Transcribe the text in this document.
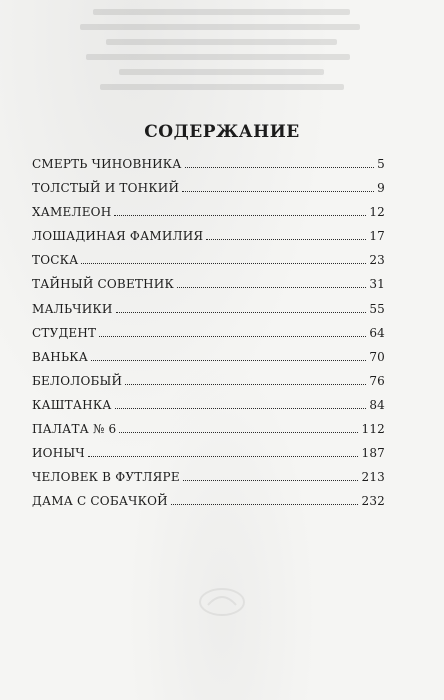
СОДЕРЖАНИЕ
СМЕРТЬ ЧИНОВНИКА	5
ТОЛСТЫЙ И ТОНКИЙ	9
ХАМЕЛЕОН	12
ЛОШАДИНАЯ ФАМИЛИЯ	17
ТОСКА	23
ТАЙНЫЙ СОВЕТНИК	31
МАЛЬЧИКИ	55
СТУДЕНТ	64
ВАНЬКА	70
БЕЛОЛОБЫЙ	76
КАШТАНКА	84
ПАЛАТА № 6	112
ИОНЫЧ	187
ЧЕЛОВЕК В ФУТЛЯРЕ	213
ДАМА С СОБАЧКОЙ	232
